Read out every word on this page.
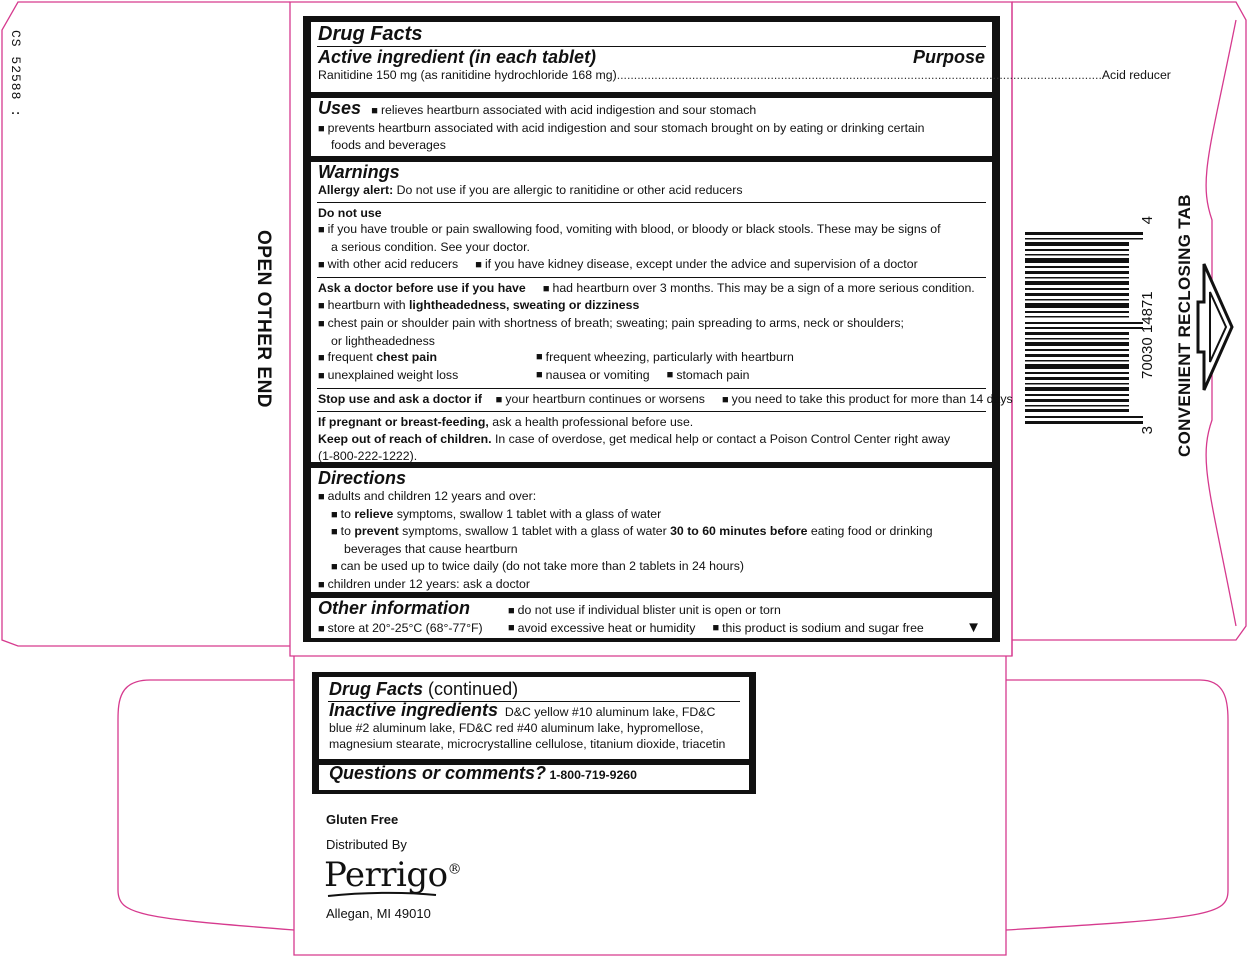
CS 52588 :
OPEN OTHER END	CONVENIENT RECLOSING TAB
3
70030 14871
4
Drug Facts
Active ingredient (in each tablet)	Purpose
Ranitidine 150 mg (as ranitidine hydrochloride 168 mg) .............................................................................................................................................. Acid reducer
Uses ■ relieves heartburn associated with acid indigestion and sour stomach
■ prevents heartburn associated with acid indigestion and sour stomach brought on by eating or drinking certain
foods and beverages
Warnings
Allergy alert: Do not use if you are allergic to ranitidine or other acid reducers
Do not use
■ if you have trouble or pain swallowing food, vomiting with blood, or bloody or black stools. These may be signs of
a serious condition. See your doctor.
■ with other acid reducers ■ if you have kidney disease, except under the advice and supervision of a doctor
Ask a doctor before use if you have ■ had heartburn over 3 months. This may be a sign of a more serious condition.
■ heartburn with lightheadedness, sweating or dizziness
■ chest pain or shoulder pain with shortness of breath; sweating; pain spreading to arms, neck or shoulders;
or lightheadedness
■ frequent chest pain	■ frequent wheezing, particularly with heartburn
■ unexplained weight loss	■ nausea or vomiting
■ stomach pain
Stop use and ask a doctor if ■ your heartburn continues or worsens ■ you need to take this product for more than 14 days
If pregnant or breast-feeding, ask a health professional before use.
Keep out of reach of children. In case of overdose, get medical help or contact a Poison Control Center right away
(1-800-222-1222).
Directions
■ adults and children 12 years and over:
■ to relieve symptoms, swallow 1 tablet with a glass of water
■ to prevent symptoms, swallow 1 tablet with a glass of water 30 to 60 minutes before eating food or drinking
beverages that cause heartburn
■ can be used up to twice daily (do not take more than 2 tablets in 24 hours)
■ children under 12 years: ask a doctor
Other information	■ do not use if individual blister unit is open or torn
■ store at 20°-25°C (68°-77°F)	■ avoid excessive heat or humidity
■ this product is sodium and sugar free	▼
Drug Facts (continued)
Inactive ingredients D&C yellow #10 aluminum lake, FD&C
blue #2 aluminum lake, FD&C red #40 aluminum lake, hypromellose,
magnesium stearate, microcrystalline cellulose, titanium dioxide, triacetin
Questions or comments? 1-800-719-9260
Gluten Free
Distributed By
Perrigo®
Allegan, MI 49010
